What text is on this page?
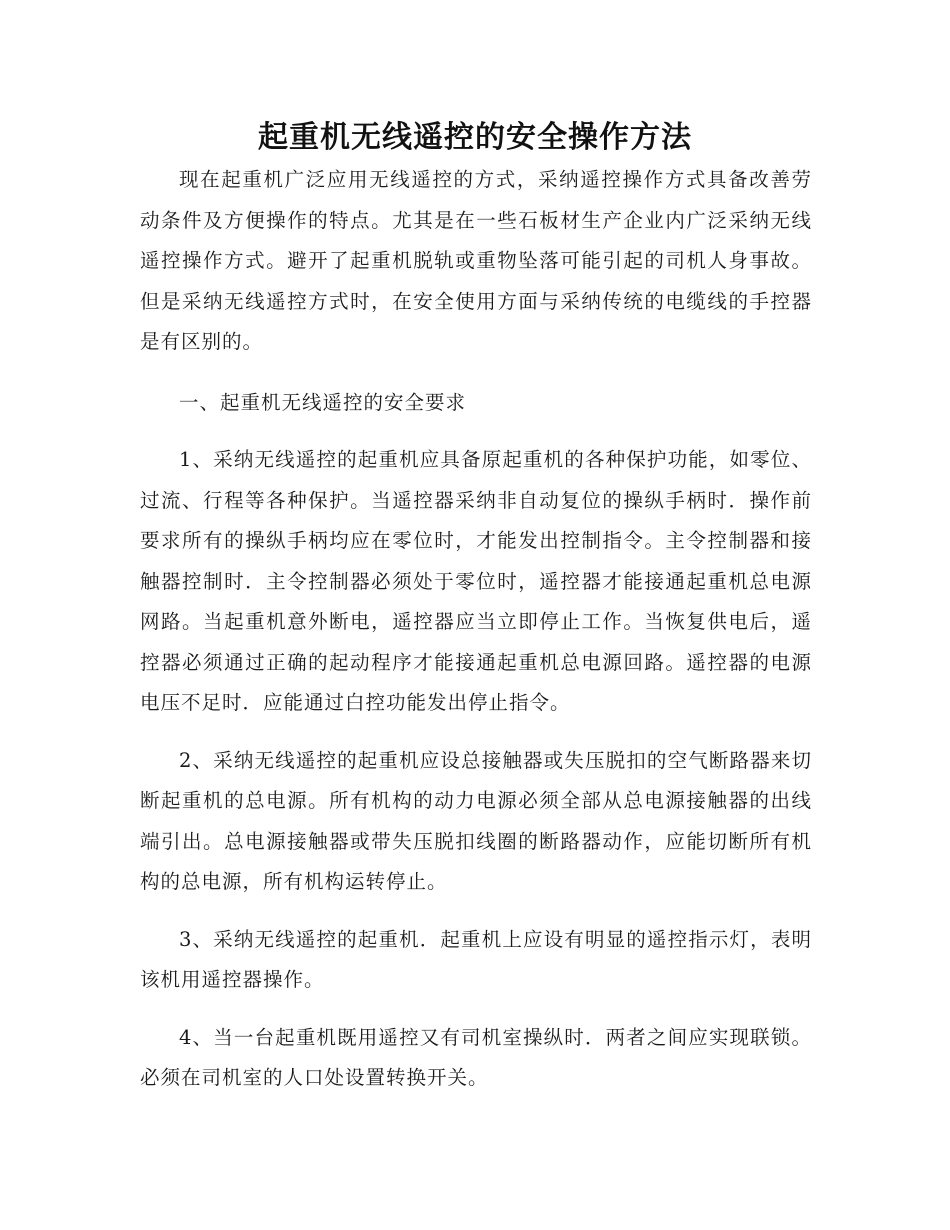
起重机无线遥控的安全操作方法

现在起重机广泛应用无线遥控的方式，采纳遥控操作方式具备改善劳动条件及方便操作的特点。尤其是在一些石板材生产企业内广泛采纳无线遥控操作方式。避开了起重机脱轨或重物坠落可能引起的司机人身事故。但是采纳无线遥控方式时，在安全使用方面与采纳传统的电缆线的手控器是有区别的。

一、起重机无线遥控的安全要求

1、采纳无线遥控的起重机应具备原起重机的各种保护功能，如零位、过流、行程等各种保护。当遥控器采纳非自动复位的操纵手柄时．操作前要求所有的操纵手柄均应在零位时，才能发出控制指令。主令控制器和接触器控制时．主令控制器必须处于零位时，遥控器才能接通起重机总电源网路。当起重机意外断电，遥控器应当立即停止工作。当恢复供电后，遥控器必须通过正确的起动程序才能接通起重机总电源回路。遥控器的电源电压不足时．应能通过白控功能发出停止指令。

2、采纳无线遥控的起重机应设总接触器或失压脱扣的空气断路器来切断起重机的总电源。所有机构的动力电源必须全部从总电源接触器的出线端引出。总电源接触器或带失压脱扣线圈的断路器动作，应能切断所有机构的总电源，所有机构运转停止。

3、采纳无线遥控的起重机．起重机上应设有明显的遥控指示灯，表明该机用遥控器操作。

4、当一台起重机既用遥控又有司机室操纵时．两者之间应实现联锁。必须在司机室的人口处设置转换开关。
